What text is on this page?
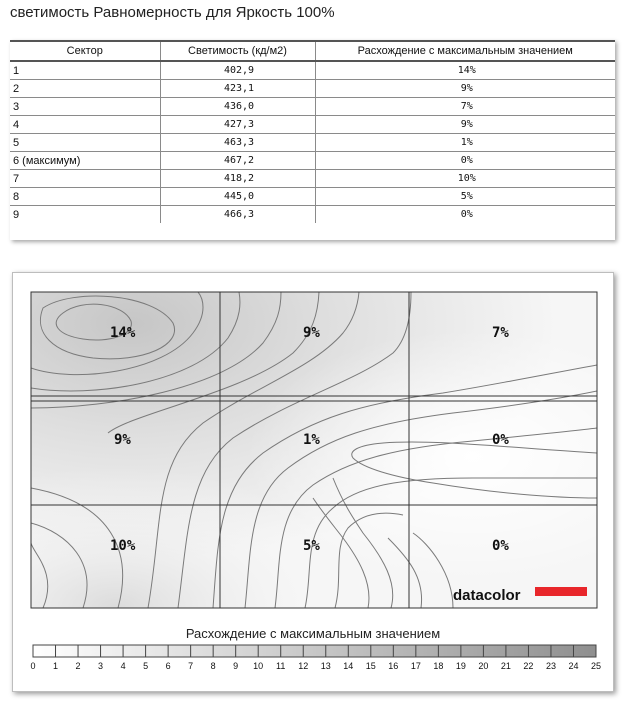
светимость Равномерность для Яркость 100%
Сектор	Светимость (кд/м2)	Расхождение с максимальным значением
1	402,9	14%
2	423,1	9%
3	436,0	7%
4	427,3	9%
5	463,3	1%
6 (максимум)	467,2	0%
7	418,2	10%
8	445,0	5%
9	466,3	0%
datacolor
14%	9%	7%
9%	1%	0%
10%	5%	0%
Расхождение с максимальным значением
0	1	2	3	4	5	6	7	8	9	10	11	12	13	14	15	16	17	18	19	20	21	22	23	24	25
